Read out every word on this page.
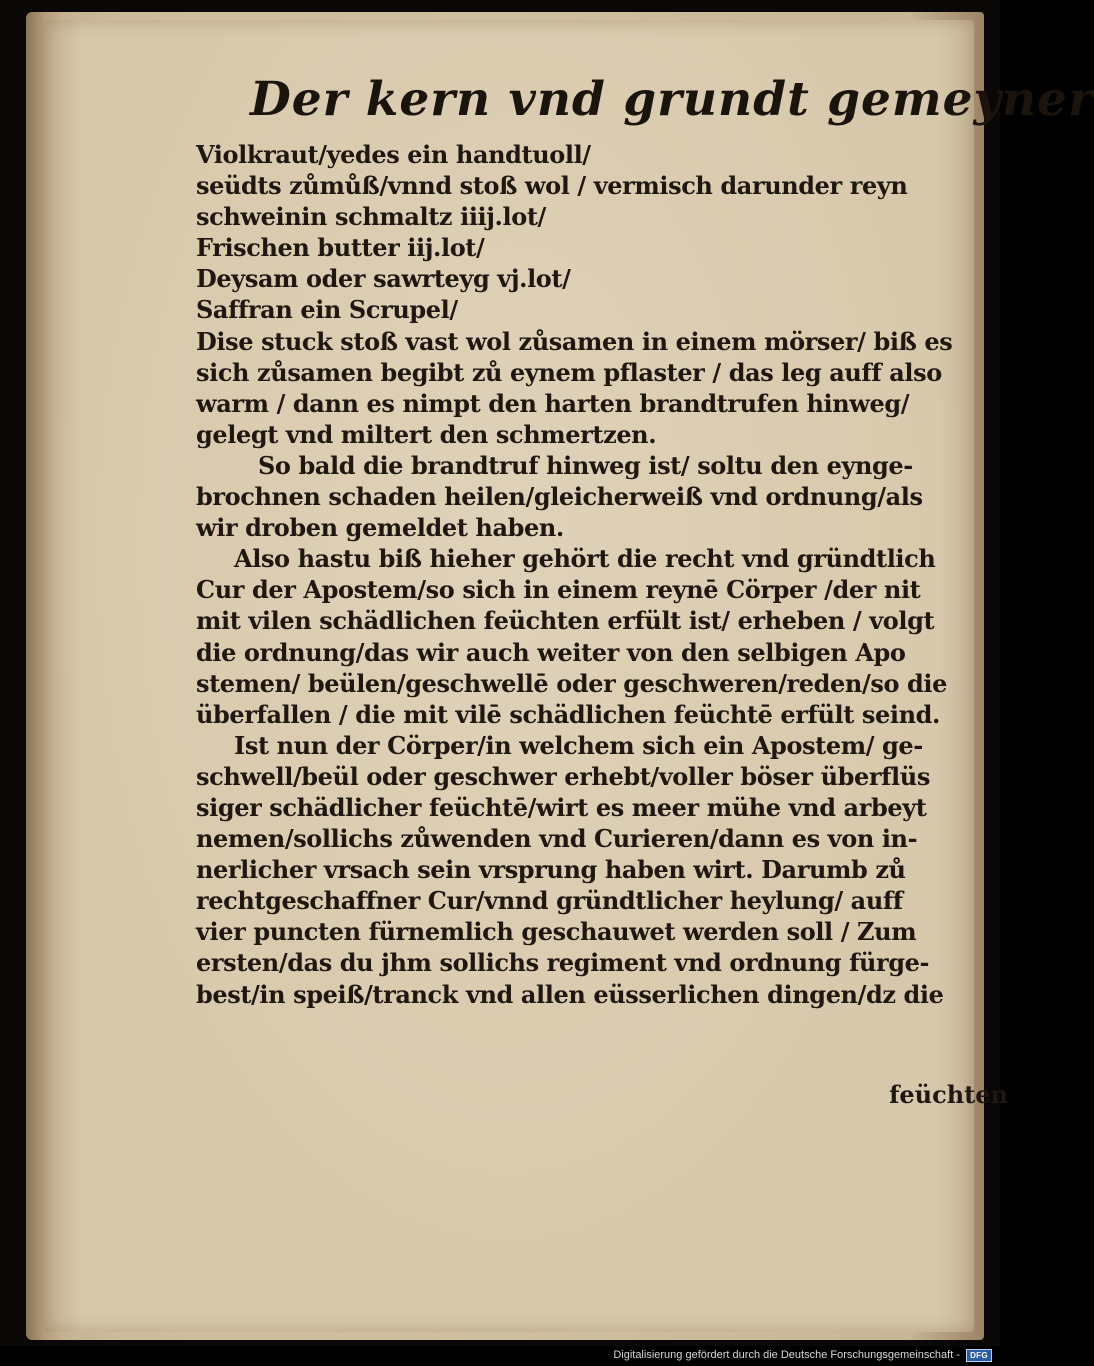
Der kern vnd grundt gemeyner
Violkraut/yedes ein handtuoll/
seüdts zůmůß/vnnd stoß wol / vermisch darunder reyn
schweinin schmaltz iiij.lot/
Frischen butter iij.lot/
Deysam oder sawrteyg vj.lot/
Saffran ein Scrupel/
Dise stuck stoß vast wol zůsamen in einem mörser/ biß es
sich zůsamen begibt zů eynem pflaster / das leg auff also
warm / dann es nimpt den harten brandtrufen hinweg/
gelegt vnd miltert den schmertzen.
So bald die brandtruf hinweg ist/ soltu den eynge-
brochnen schaden heilen/gleicherweiß vnd ordnung/als
wir droben gemeldet haben.
Also hastu biß hieher gehört die recht vnd gründtlich
Cur der Apostem/so sich in einem reynē Cörper /der nit
mit vilen schädlichen feüchten erfült ist/ erheben / volgt
die ordnung/das wir auch weiter von den selbigen Apo
stemen/ beülen/geschwellē oder geschweren/reden/so die
überfallen / die mit vilē schädlichen feüchtē erfült seind.
Ist nun der Cörper/in welchem sich ein Apostem/ ge-
schwell/beül oder geschwer erhebt/voller böser überflüs
siger schädlicher feüchtē/wirt es meer mühe vnd arbeyt
nemen/sollichs zůwenden vnd Curieren/dann es von in-
nerlicher vrsach sein vrsprung haben wirt. Darumb zů
rechtgeschaffner Cur/vnnd gründtlicher heylung/ auff
vier puncten fürnemlich geschauwet werden soll / Zum
ersten/das du jhm sollichs regiment vnd ordnung fürge-
best/in speiß/tranck vnd allen eüsserlichen dingen/dz die
feüchten
Digitalisierung gefördert durch die Deutsche Forschungsgemeinschaft -	DFG
